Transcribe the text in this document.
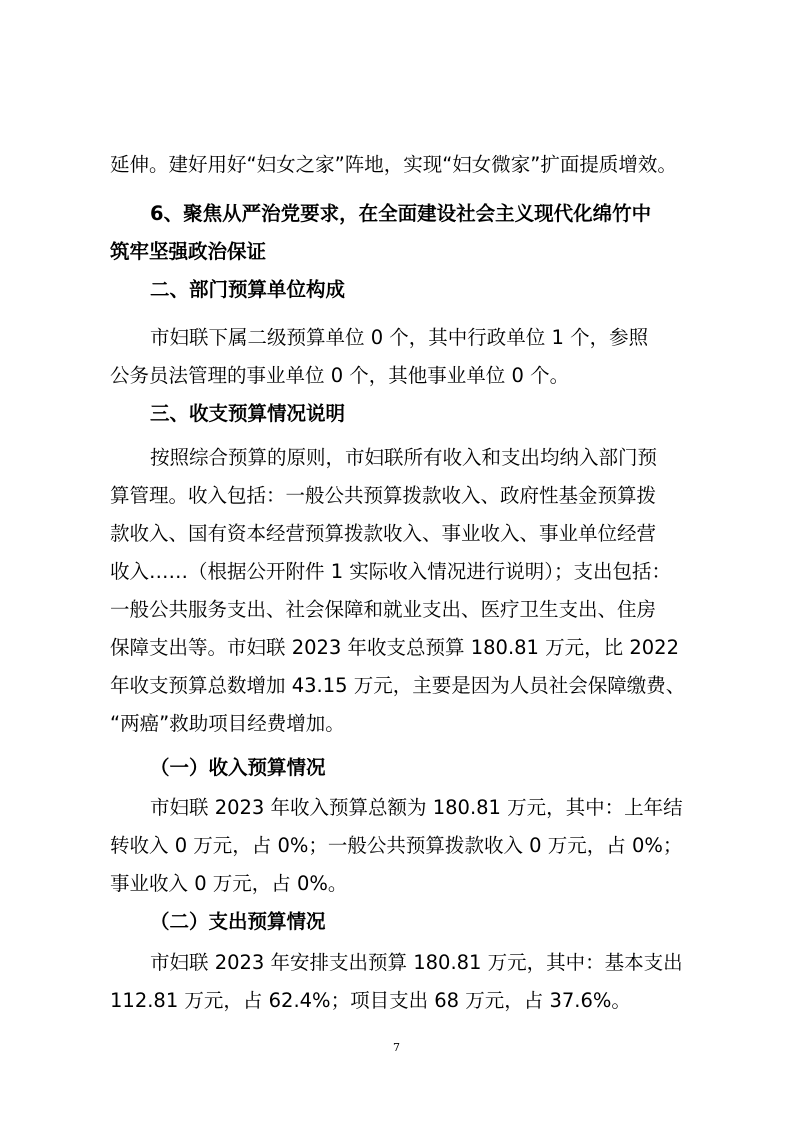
延伸。建好用好“妇女之家”阵地，实现“妇女微家”扩面提质增效。
6、聚焦从严治党要求，在全面建设社会主义现代化绵竹中
筑牢坚强政治保证
二、部门预算单位构成
市妇联下属二级预算单位 0 个，其中行政单位 1 个，参照
公务员法管理的事业单位 0 个，其他事业单位 0 个。
三、收支预算情况说明
按照综合预算的原则，市妇联所有收入和支出均纳入部门预
算管理。收入包括：一般公共预算拨款收入、政府性基金预算拨
款收入、国有资本经营预算拨款收入、事业收入、事业单位经营
收入……（根据公开附件 1 实际收入情况进行说明）；支出包括：
一般公共服务支出、社会保障和就业支出、医疗卫生支出、住房
保障支出等。市妇联 2023 年收支总预算 180.81 万元，比 2022
年收支预算总数增加 43.15 万元，主要是因为人员社会保障缴费、
“两癌”救助项目经费增加。
（一）收入预算情况
市妇联 2023 年收入预算总额为 180.81 万元，其中：上年结
转收入 0 万元，占 0%；一般公共预算拨款收入 0 万元，占 0%；
事业收入 0 万元，占 0%。
（二）支出预算情况
市妇联 2023 年安排支出预算 180.81 万元，其中：基本支出
112.81 万元，占 62.4%；项目支出 68 万元，占 37.6%。
7
